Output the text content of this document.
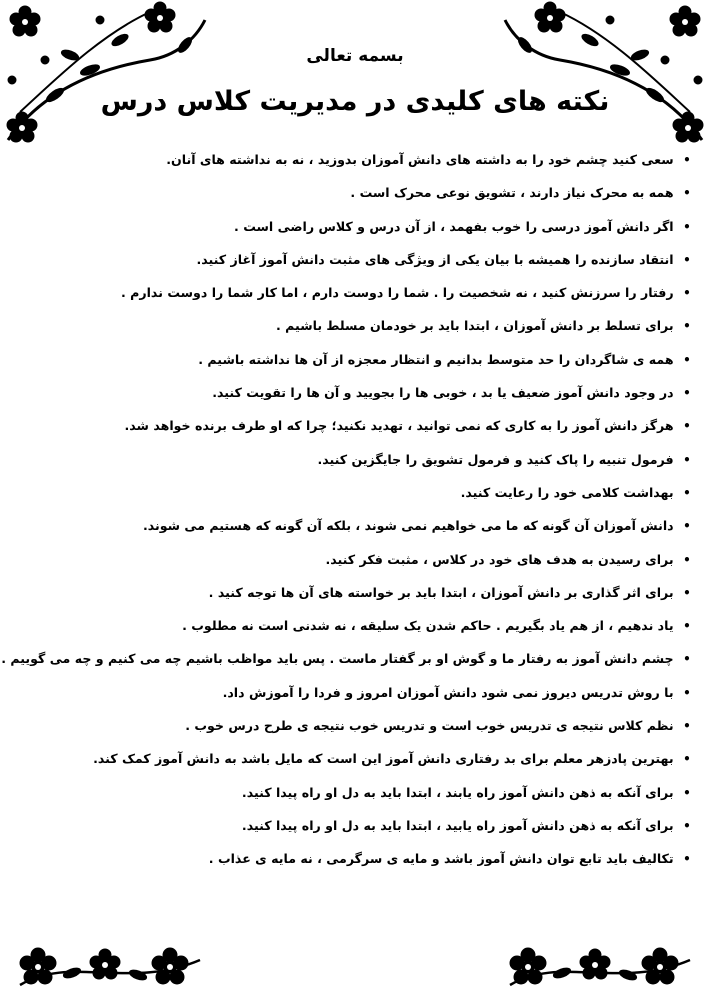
بسمه تعالی
نکته های کلیدی در مدیریت کلاس درس
• سعی کنید چشم خود را به داشته های دانش آموزان بدوزید ، نه به نداشته های آنان.
• همه به محرک نیاز دارند ، تشویق نوعی محرک است .
• اگر دانش آموز درسی را خوب بفهمد ، از آن درس و کلاس راضی است .
• انتقاد سازنده را همیشه با بیان یکی از ویژگی های مثبت دانش آموز آغاز کنید.
• رفتار را سرزنش کنید ، نه شخصیت را . شما را دوست دارم ، اما کار شما را دوست ندارم .
• برای تسلط بر دانش آموزان ، ابتدا باید بر خودمان مسلط باشیم .
• همه ی شاگردان را حد متوسط بدانیم و انتظار معجزه از آن ها نداشته باشیم .
• در وجود دانش آموز ضعیف یا بد ، خوبی ها را بجویید و آن ها را تقویت کنید.
• هرگز دانش آموز را به کاری که نمی توانید ، تهدید نکنید؛ چرا که او طرف برنده خواهد شد.
• فرمول تنبیه را پاک کنید و فرمول تشویق را جایگزین کنید.
• بهداشت کلامی خود را رعایت کنید.
• دانش آموزان آن گونه که ما می خواهیم نمی شوند ، بلکه آن گونه که هستیم می شوند.
• برای رسیدن به هدف های خود در کلاس ، مثبت فکر کنید.
• برای اثر گذاری بر دانش آموزان ، ابتدا باید بر خواسته های آن ها توجه کنید .
• یاد ندهیم ، از هم یاد بگیریم . حاکم شدن یک سلیقه ، نه شدنی است نه مطلوب .
• چشم دانش آموز به رفتار ما و گوش او بر گفتار ماست . پس باید مواظب باشیم چه می کنیم و چه می گوییم .
• با روش تدریس دیروز نمی شود دانش آموزان امروز و فردا را آموزش داد.
• نظم کلاس نتیجه ی تدریس خوب است و تدریس خوب نتیجه ی طرح درس خوب .
• بهترین پادزهر معلم برای بد رفتاری دانش آموز این است که مایل باشد به دانش آموز کمک کند.
• برای آنکه به ذهن دانش آموز راه یابند ، ابتدا باید به دل او راه پیدا کنید.
• برای آنکه به ذهن دانش آموز راه یابید ، ابتدا باید به دل او راه پیدا کنید.
• تکالیف باید تابع توان دانش آموز باشد و مایه ی سرگرمی ، نه مایه ی عذاب .
